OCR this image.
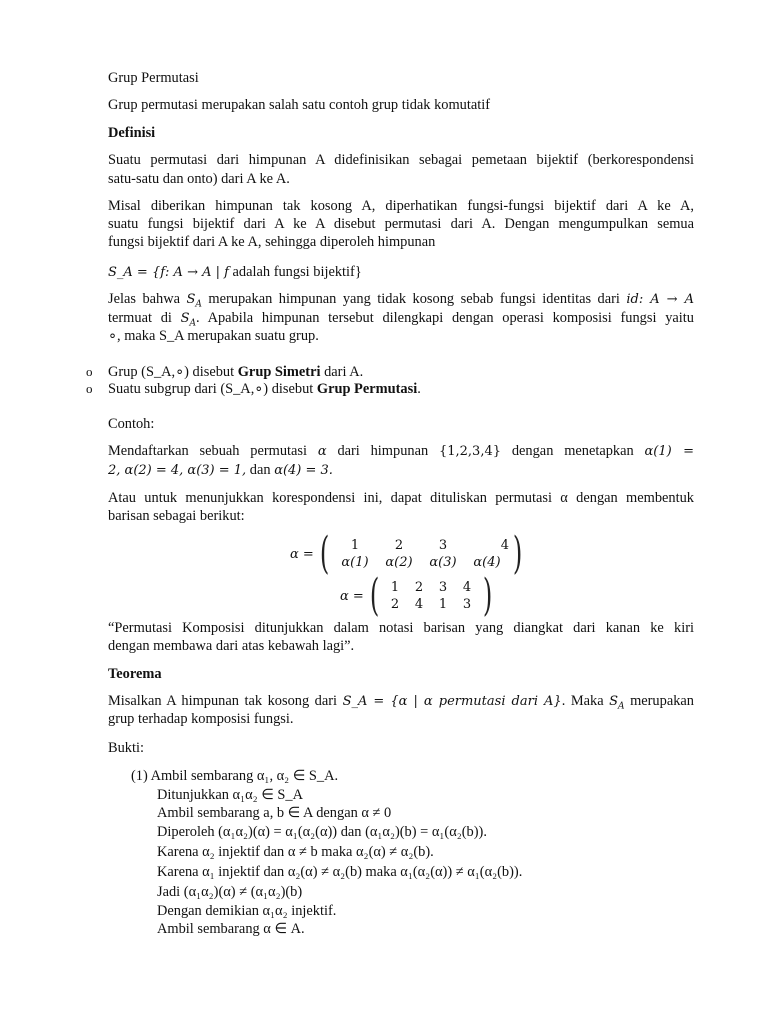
Grup Permutasi
Grup permutasi merupakan salah satu contoh grup tidak komutatif
Definisi
Suatu permutasi dari himpunan A didefinisikan sebagai pemetaan bijektif (berkorespondensi
satu-satu dan onto) dari A ke A.
Misal diberikan himpunan tak kosong A, diperhatikan fungsi-fungsi bijektif dari A ke A,
suatu fungsi bijektif dari A ke A disebut permutasi dari A. Dengan mengumpulkan semua
fungsi bijektif dari A ke A, sehingga diperoleh himpunan
S_A = {f: A → A | f adalah fungsi bijektif}
Jelas bahwa $S_A$ merupakan himpunan yang tidak kosong sebab fungsi identitas dari id: A → A
termuat di $S_A$. Apabila himpunan tersebut dilengkapi dengan operasi komposisi fungsi yaitu
∘, maka S_A merupakan suatu grup.
o Grup (S_A,∘) disebut Grup Simetri dari A.
o Suatu subgrup dari (S_A,∘) disebut Grup Permutasi.
Contoh:
Mendaftarkan sebuah permutasi α dari himpunan {1,2,3,4} dengan menetapkan α(1) =
2, α(2) = 4, α(3) = 1, dan α(4) = 3.
Atau untuk menunjukkan korespondensi ini, dapat dituliskan permutasi α dengan membentuk
barisan sebagai berikut:
α = (	1	2	3	4
α(1)	α(2)	α(3)	α(4) )
α = ( 1	2	3	4
2	4	1	3 )
“Permutasi Komposisi ditunjukkan dalam notasi barisan yang diangkat dari kanan ke kiri
dengan membawa dari atas kebawah lagi”.
Teorema
Misalkan A himpunan tak kosong dari S_A = {α | α permutasi dari A}. Maka $S_A$ merupakan
grup terhadap komposisi fungsi.
Bukti:
(1) Ambil sembarang α₁, α₂ ∈ S_A.
Ditunjukkan α₁α₂ ∈ S_A
Ambil sembarang a, b ∈ A dengan α ≠ 0
Diperoleh (α₁α₂)(α) = α₁(α₂(α)) dan (α₁α₂)(b) = α₁(α₂(b)).
Karena α₂ injektif dan α ≠ b maka α₂(α) ≠ α₂(b).
Karena α₁ injektif dan α₂(α) ≠ α₂(b) maka α₁(α₂(α)) ≠ α₁(α₂(b)).
Jadi (α₁α₂)(α) ≠ (α₁α₂)(b)
Dengan demikian α₁α₂ injektif.
Ambil sembarang α ∈ A.
